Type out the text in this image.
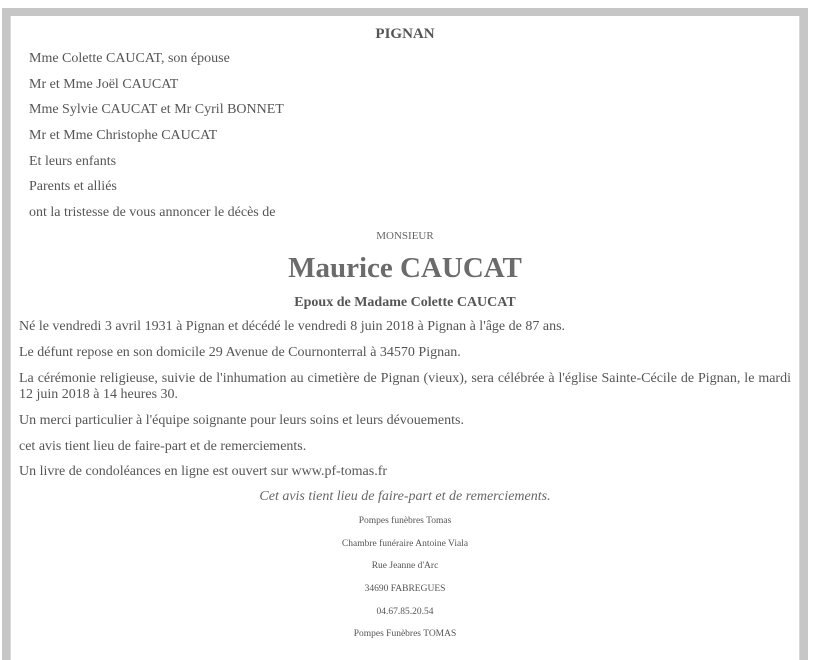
PIGNAN
Mme Colette CAUCAT, son épouse
Mr et Mme Joël CAUCAT
Mme Sylvie CAUCAT et Mr Cyril BONNET
Mr et Mme Christophe CAUCAT
Et leurs enfants
Parents et alliés
ont la tristesse de vous annoncer le décès de
MONSIEUR
Maurice CAUCAT
Epoux de Madame Colette CAUCAT
Né le vendredi 3 avril 1931 à Pignan et décédé le vendredi 8 juin 2018 à Pignan à l'âge de 87 ans.
Le défunt repose en son domicile 29 Avenue de Cournonterral à 34570 Pignan.
La cérémonie religieuse, suivie de l'inhumation au cimetière de Pignan (vieux), sera célébrée à l'église Sainte-Cécile de Pignan, le mardi 12 juin 2018 à 14 heures 30.
Un merci particulier à l'équipe soignante pour leurs soins et leurs dévouements.
cet avis tient lieu de faire-part et de remerciements.
Un livre de condoléances en ligne est ouvert sur www.pf-tomas.fr
Cet avis tient lieu de faire-part et de remerciements.
Pompes funèbres Tomas
Chambre funéraire Antoine Viala
Rue Jeanne d'Arc
34690 FABREGUES
04.67.85.20.54
Pompes Funèbres TOMAS
